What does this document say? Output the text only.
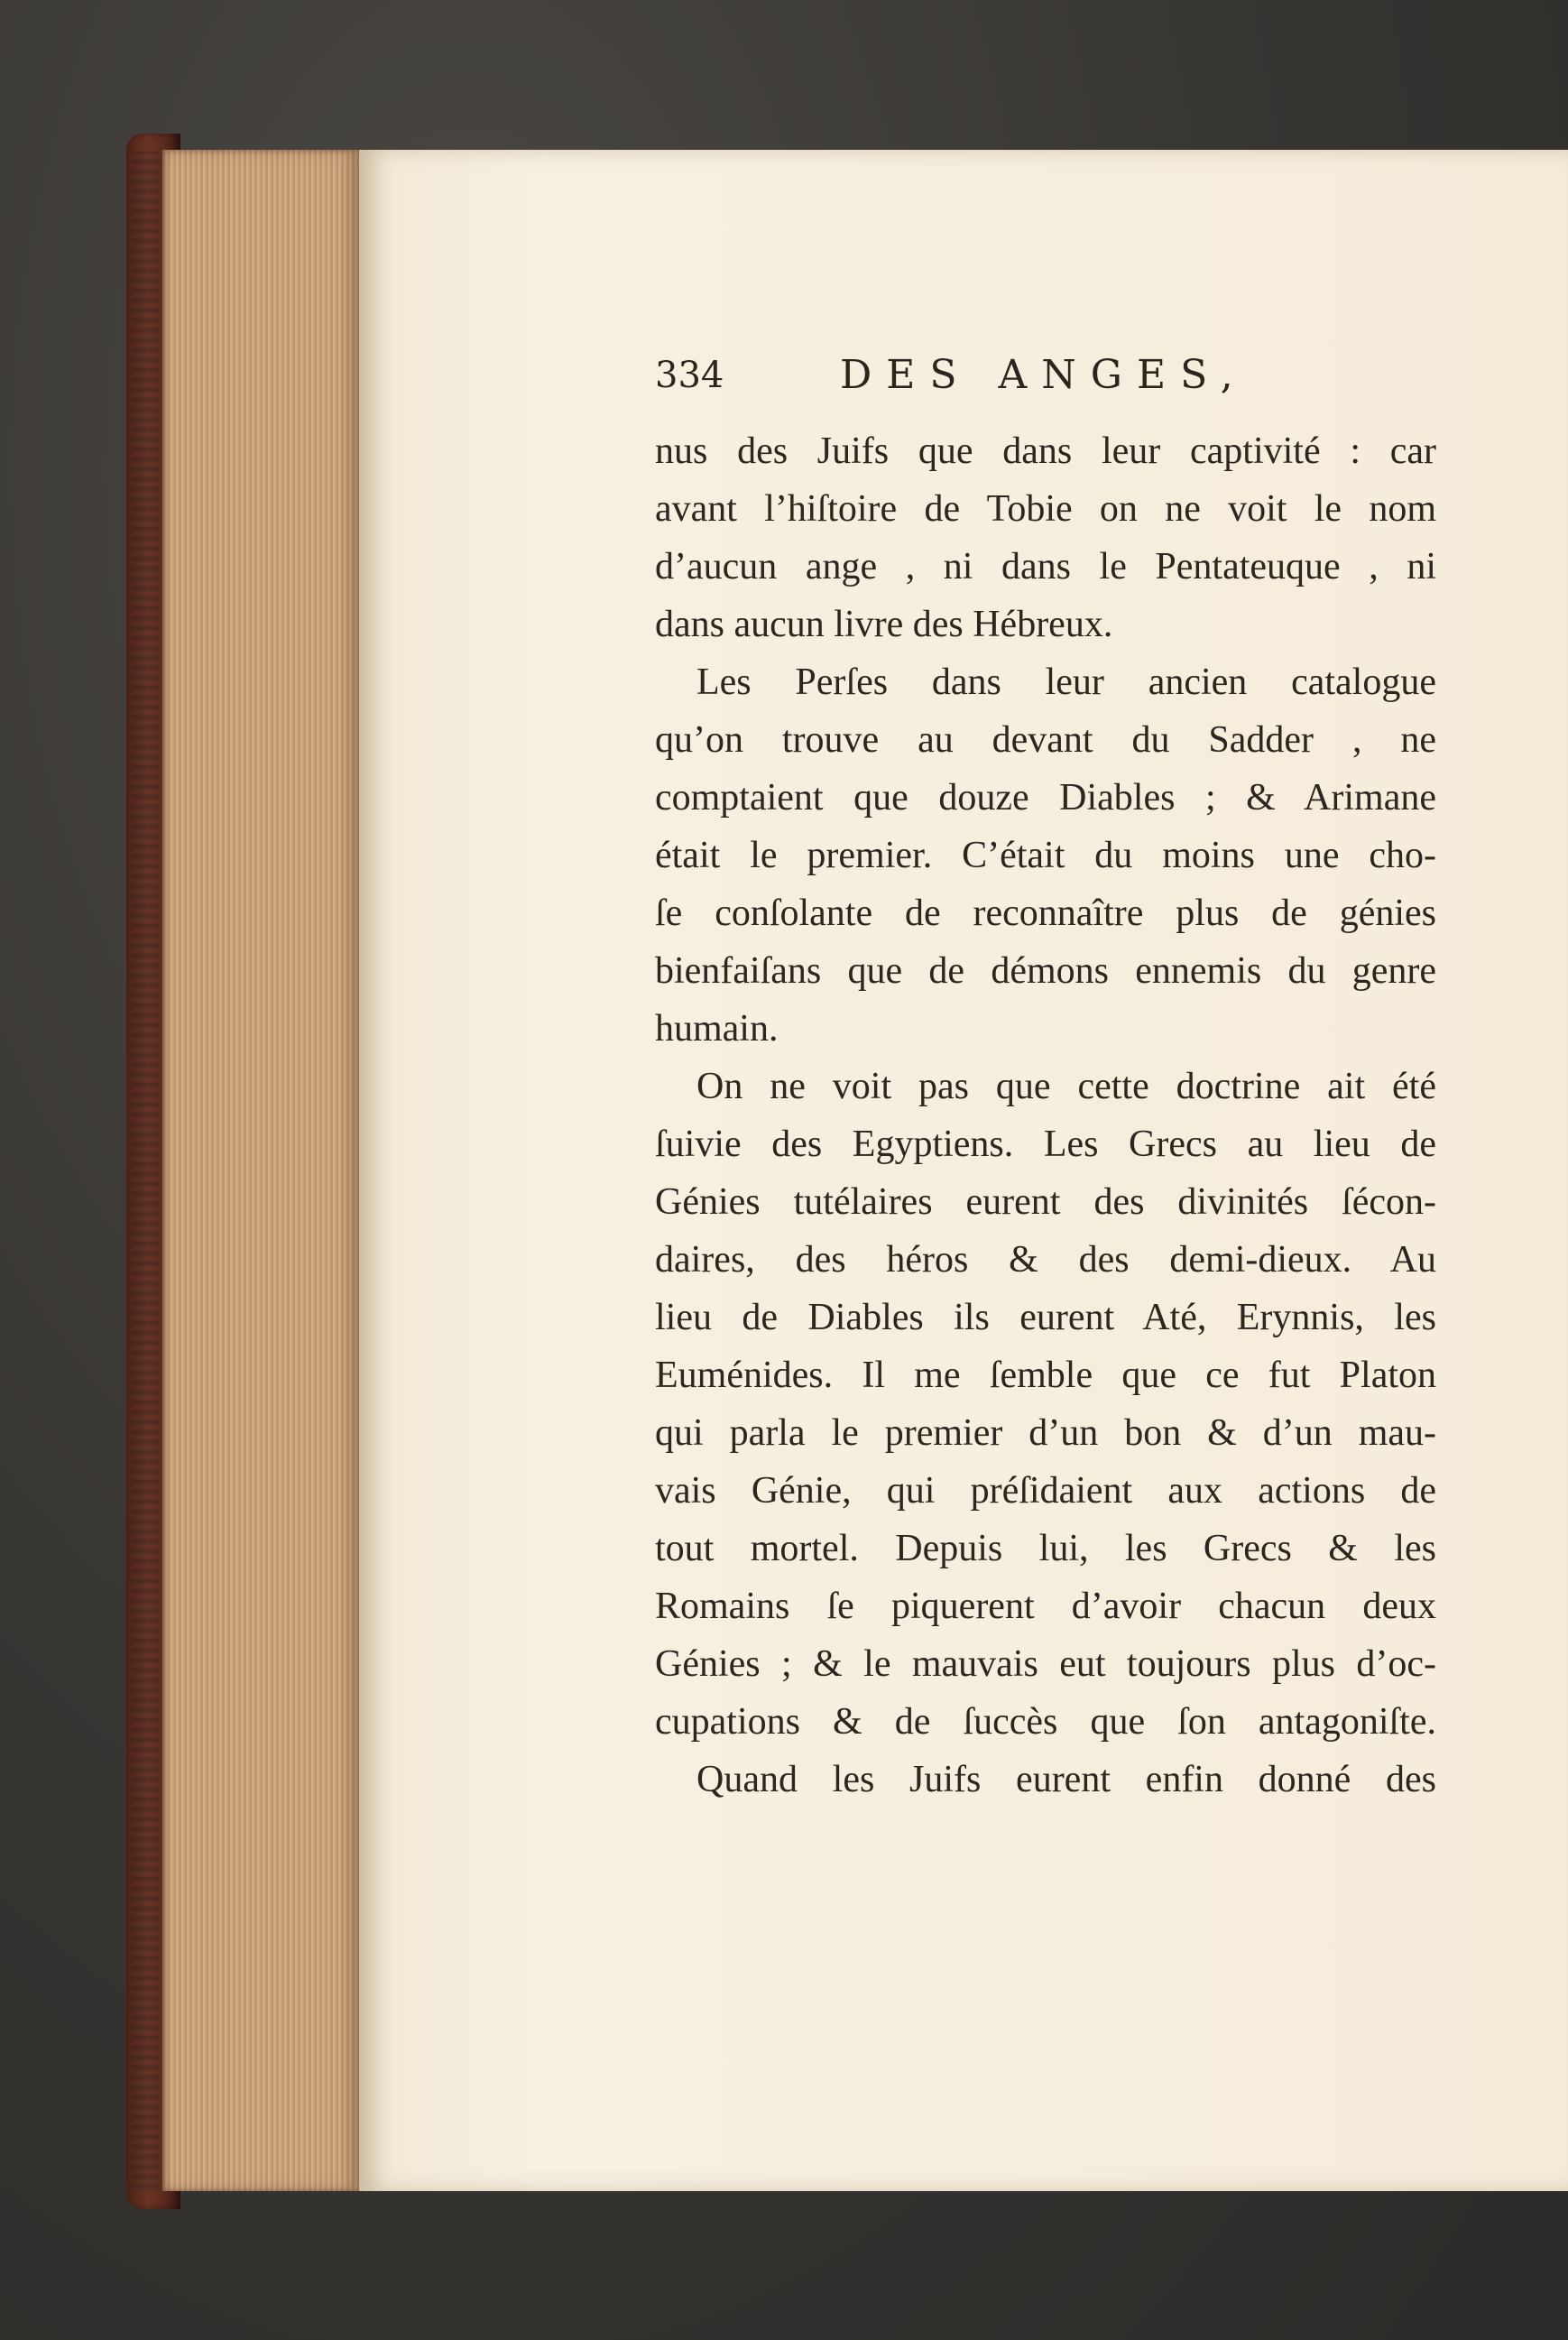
334	DES ANGES,
nus des Juifs que dans leur captivité : car
avant l’hiſtoire de Tobie on ne voit le nom
d’aucun ange , ni dans le Pentateuque , ni
dans aucun livre des Hébreux.
Les Perſes dans leur ancien catalogue
qu’on trouve au devant du Sadder , ne
comptaient que douze Diables ; & Arimane
était le premier. C’était du moins une cho-
ſe conſolante de reconnaître plus de génies
bienfaiſans que de démons ennemis du genre
humain.
On ne voit pas que cette doctrine ait été
ſuivie des Egyptiens. Les Grecs au lieu de
Génies tutélaires eurent des divinités ſécon-
daires, des héros & des demi-dieux. Au
lieu de Diables ils eurent Até, Erynnis, les
Euménides. Il me ſemble que ce fut Platon
qui parla le premier d’un bon & d’un mau-
vais Génie, qui préſidaient aux actions de
tout mortel. Depuis lui, les Grecs & les
Romains ſe piquerent d’avoir chacun deux
Génies ; & le mauvais eut toujours plus d’oc-
cupations & de ſuccès que ſon antagoniſte.
Quand les Juifs eurent enfin donné des
